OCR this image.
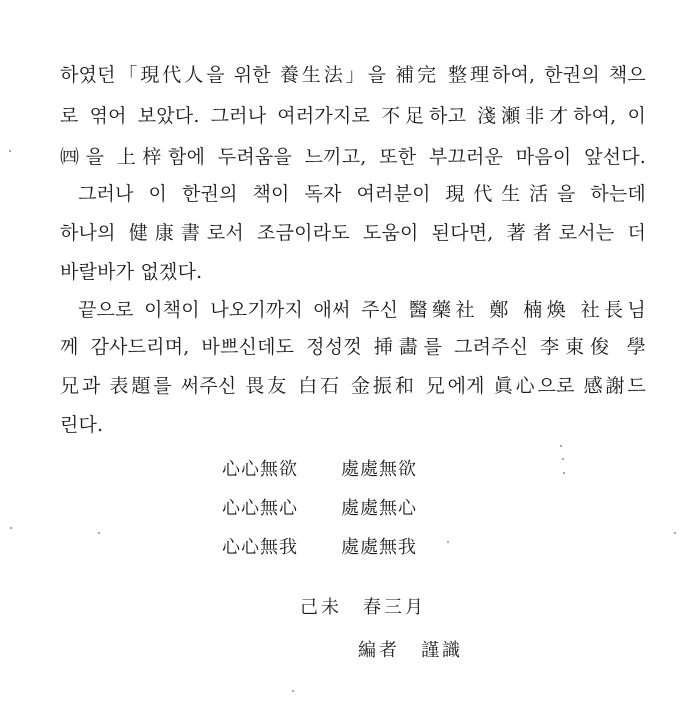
하였던「現代人을 위한 養生法」을 補完 整理하여, 한권의 책으
로 엮어 보았다. 그러나 여러가지로 不足하고 淺瀬非才하여, 이
㈣을 上梓함에 두려움을 느끼고, 또한 부끄러운 마음이 앞선다.
그러나 이 한권의 책이 독자 여러분이 現代生活을 하는데
하나의 健康書로서 조금이라도 도움이 된다면, 著者로서는 더
바랄바가 없겠다.
끝으로 이책이 나오기까지 애써 주신 醫藥社 鄭 楠煥 社長님
께 감사드리며, 바쁘신데도 정성껏 挿畵를 그려주신 李東俊 學
兄과 表題를 써주신 畏友 白石 金振和 兄에게 眞心으로 感謝드
린다.
心心無欲 處處無欲
心心無心 處處無心
心心無我 處處無我
己未　春三月
編者　謹識
